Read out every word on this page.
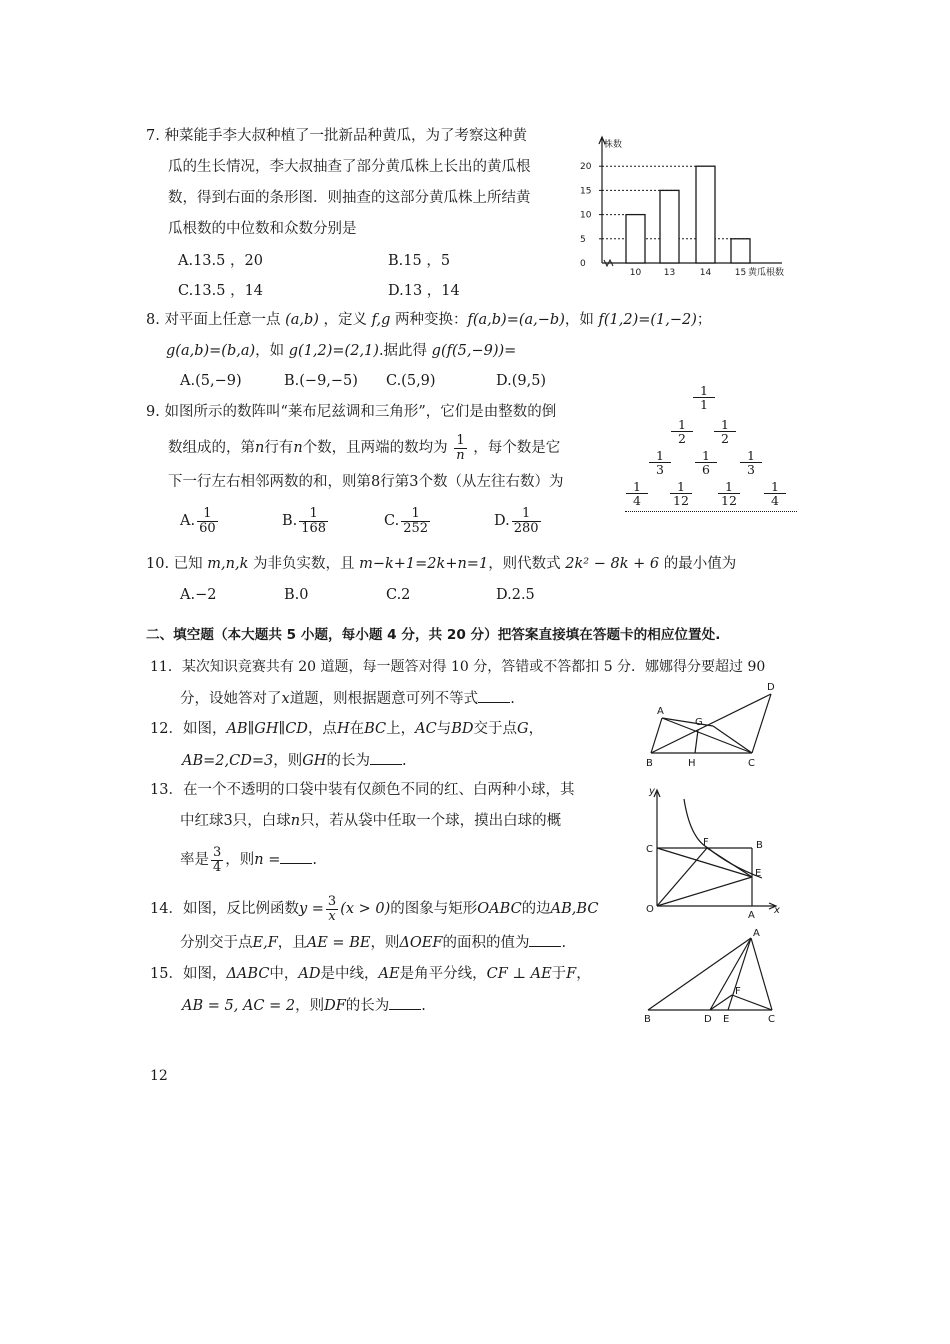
7. 种菜能手李大叔种植了一批新品种黄瓜，为了考察这种黄
瓜的生长情况，李大叔抽查了部分黄瓜株上长出的黄瓜根
数，得到右面的条形图．则抽查的这部分黄瓜株上所结黄
瓜根数的中位数和众数分别是
A.13.5 ，20	B.15 ，5
C.13.5 ，14	D.13 ，14
株数
0
5
10
15
20
10	13	14	15 黄瓜根数
8. 对平面上任意一点 (a,b) ，定义 f,g 两种变换：f(a,b)=(a,−b)，如 f(1,2)=(1,−2)；
g(a,b)=(b,a)，如 g(1,2)=(2,1).据此得 g(f(5,−9))=
A.(5,−9)	B.(−9,−5) C.(5,9)	D.(9,5)
9. 如图所示的数阵叫“莱布尼兹调和三角形”，它们是由整数的倒
数组成的，第n行有n个数，且两端的数均为 $\frac{1}{n}$ ，每个数是它
下一行左右相邻两数的和，则第8行第3个数（从左往右数）为
A. $\frac{1}{60}$	B. $\frac{1}{168}$	C. $\frac{1}{252}$	D. $\frac{1}{280}$
1
1
1
2
1
2
1
3
1
6
1
3
1
4
1
12
1
12
1
4
10. 已知 m,n,k 为非负实数，且 m−k+1=2k+n=1，则代数式 2k² − 8k + 6 的最小值为
A.−2	B.0	C.2	D.2.5
二、填空题（本大题共 5 小题，每小题 4 分，共 20 分）把答案直接填在答题卡的相应位置处.
11．某次知识竞赛共有 20 道题，每一题答对得 10 分，答错或不答都扣 5 分．娜娜得分要超过 90
分，设她答对了x道题，则根据题意可列不等式 .
12．如图，AB∥GH∥CD，点H在BC上，AC与BD交于点G，
AB=2,CD=3，则GH的长为 .
A
B	C
D
G
H
13．在一个不透明的口袋中装有仅颜色不同的红、白两种小球，其
中红球3只，白球n只，若从袋中任取一个球，摸出白球的概
率是 $\frac{3}{4}$ ，则n = .
y
x
O
A
B
C
E
F
14．如图，反比例函数$y = \frac{3}{x} (x > 0)$的图象与矩形OABC的边AB,BC
分别交于点E,F，且AE = BE，则ΔOEF的面积的值为 .
15．如图，ΔABC中，AD是中线，AE是角平分线，CF ⊥ AE于F，
AB = 5, AC = 2，则DF的长为 .
A
B	C
D E
F
12
